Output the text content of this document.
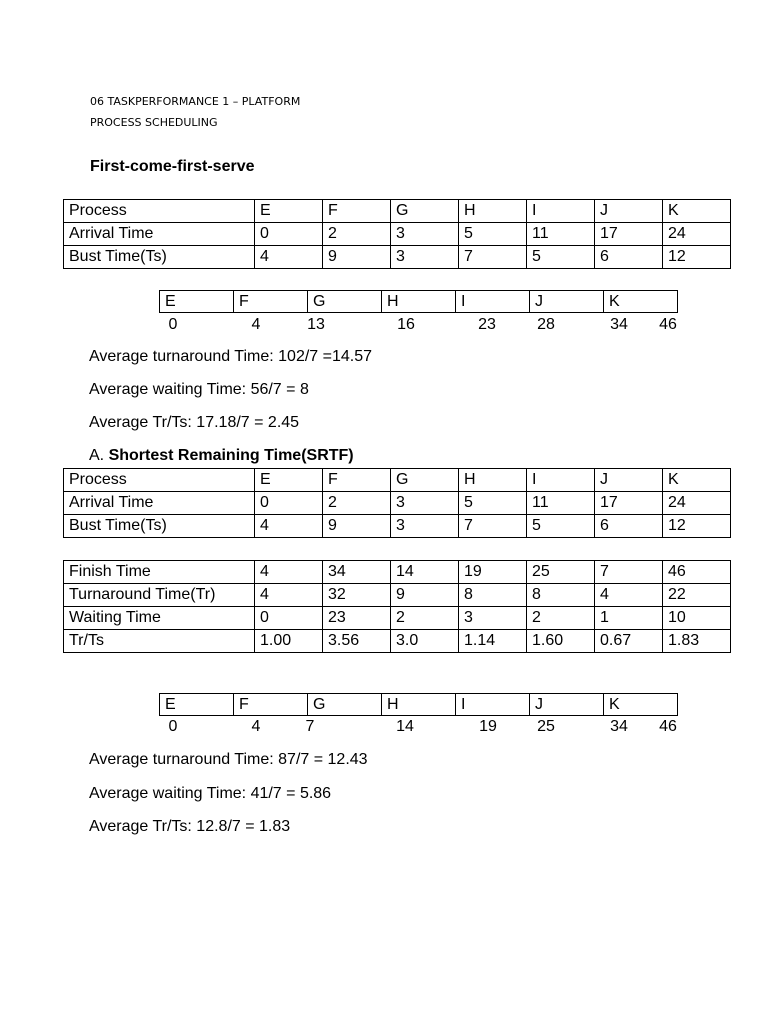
06 TASKPERFORMANCE 1 – PLATFORM
PROCESS SCHEDULING
First-come-first-serve
Process	E	F	G	H	I	J	K
Arrival Time	0	2	3	5	11	17	24
Bust Time(Ts)	4	9	3	7	5	6	12
E	F	G	H	I	J	K
0	4	13	16	23	28	34 46
Average turnaround Time: 102/7 =14.57
Average waiting Time: 56/7 = 8
Average Tr/Ts: 17.18/7 = 2.45
A. Shortest Remaining Time(SRTF)
Process	E	F	G	H	I	J	K
Arrival Time	0	2	3	5	11	17	24
Bust Time(Ts)	4	9	3	7	5	6	12
Finish Time	4	34	14	19	25	7	46
Turnaround Time(Tr)	4	32	9	8	8	4	22
Waiting Time	0	23	2	3	2	1	10
Tr/Ts	1.00	3.56	3.0	1.14	1.60	0.67	1.83
E	F	G	H	I	J	K
0	4	7	14	19	25	34 46
Average turnaround Time: 87/7 = 12.43
Average waiting Time: 41/7 = 5.86
Average Tr/Ts: 12.8/7 = 1.83
